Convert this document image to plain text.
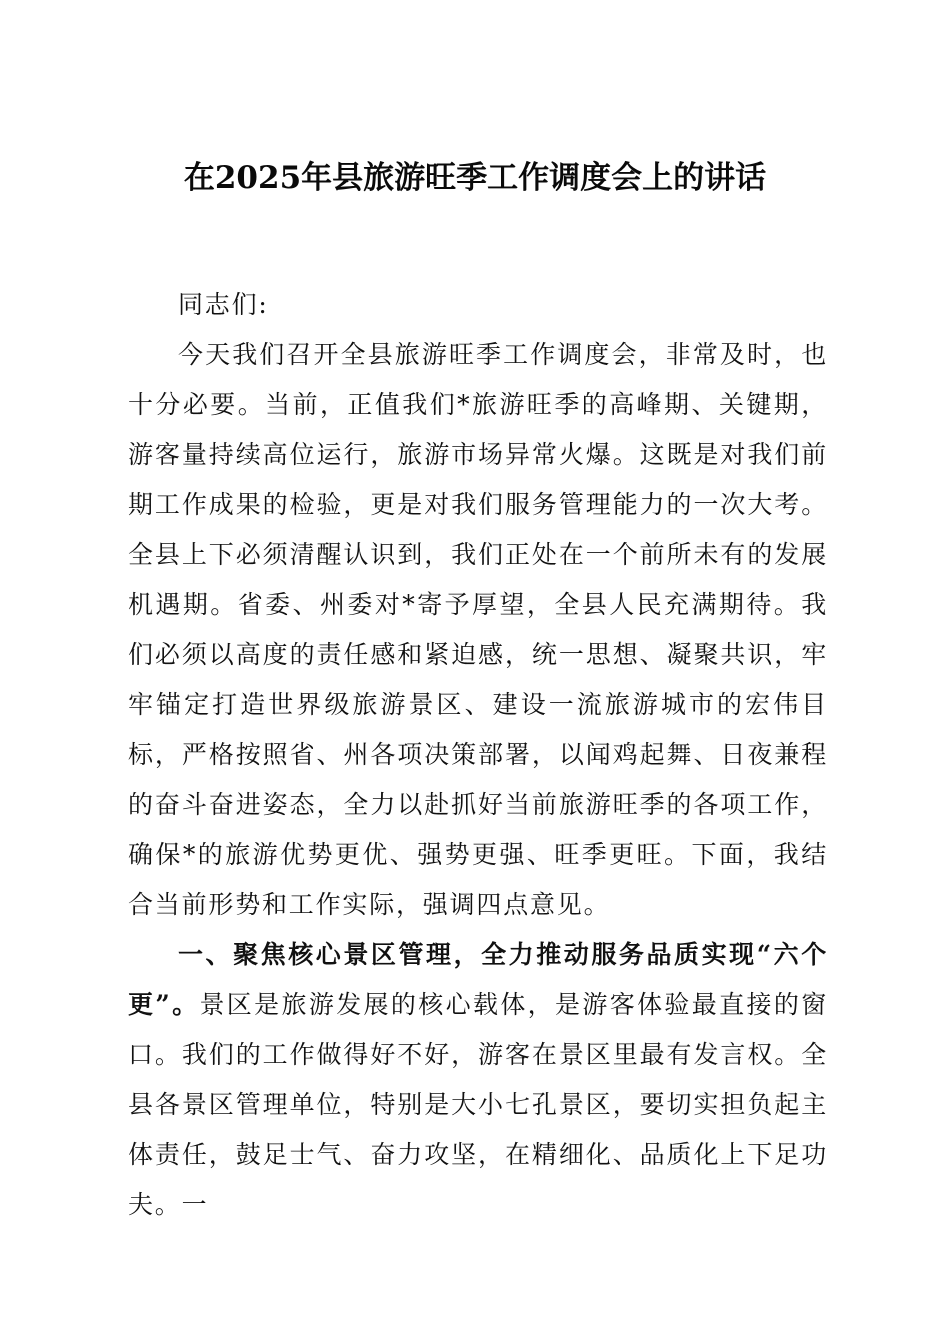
在2025年县旅游旺季工作调度会上的讲话

同志们:

今天我们召开全县旅游旺季工作调度会，非常及时，也十分必要。当前，正值我们*旅游旺季的高峰期、关键期，游客量持续高位运行，旅游市场异常火爆。这既是对我们前期工作成果的检验，更是对我们服务管理能力的一次大考。全县上下必须清醒认识到，我们正处在一个前所未有的发展机遇期。省委、州委对*寄予厚望，全县人民充满期待。我们必须以高度的责任感和紧迫感，统一思想、凝聚共识，牢牢锚定打造世界级旅游景区、建设一流旅游城市的宏伟目标，严格按照省、州各项决策部署，以闻鸡起舞、日夜兼程的奋斗奋进姿态，全力以赴抓好当前旅游旺季的各项工作，确保*的旅游优势更优、强势更强、旺季更旺。下面，我结合当前形势和工作实际，强调四点意见。

一、聚焦核心景区管理，全力推动服务品质实现“六个更”。景区是旅游发展的核心载体，是游客体验最直接的窗口。我们的工作做得好不好，游客在景区里最有发言权。全县各景区管理单位，特别是大小七孔景区，要切实担负起主体责任，鼓足士气、奋力攻坚，在精细化、品质化上下足功夫。一
